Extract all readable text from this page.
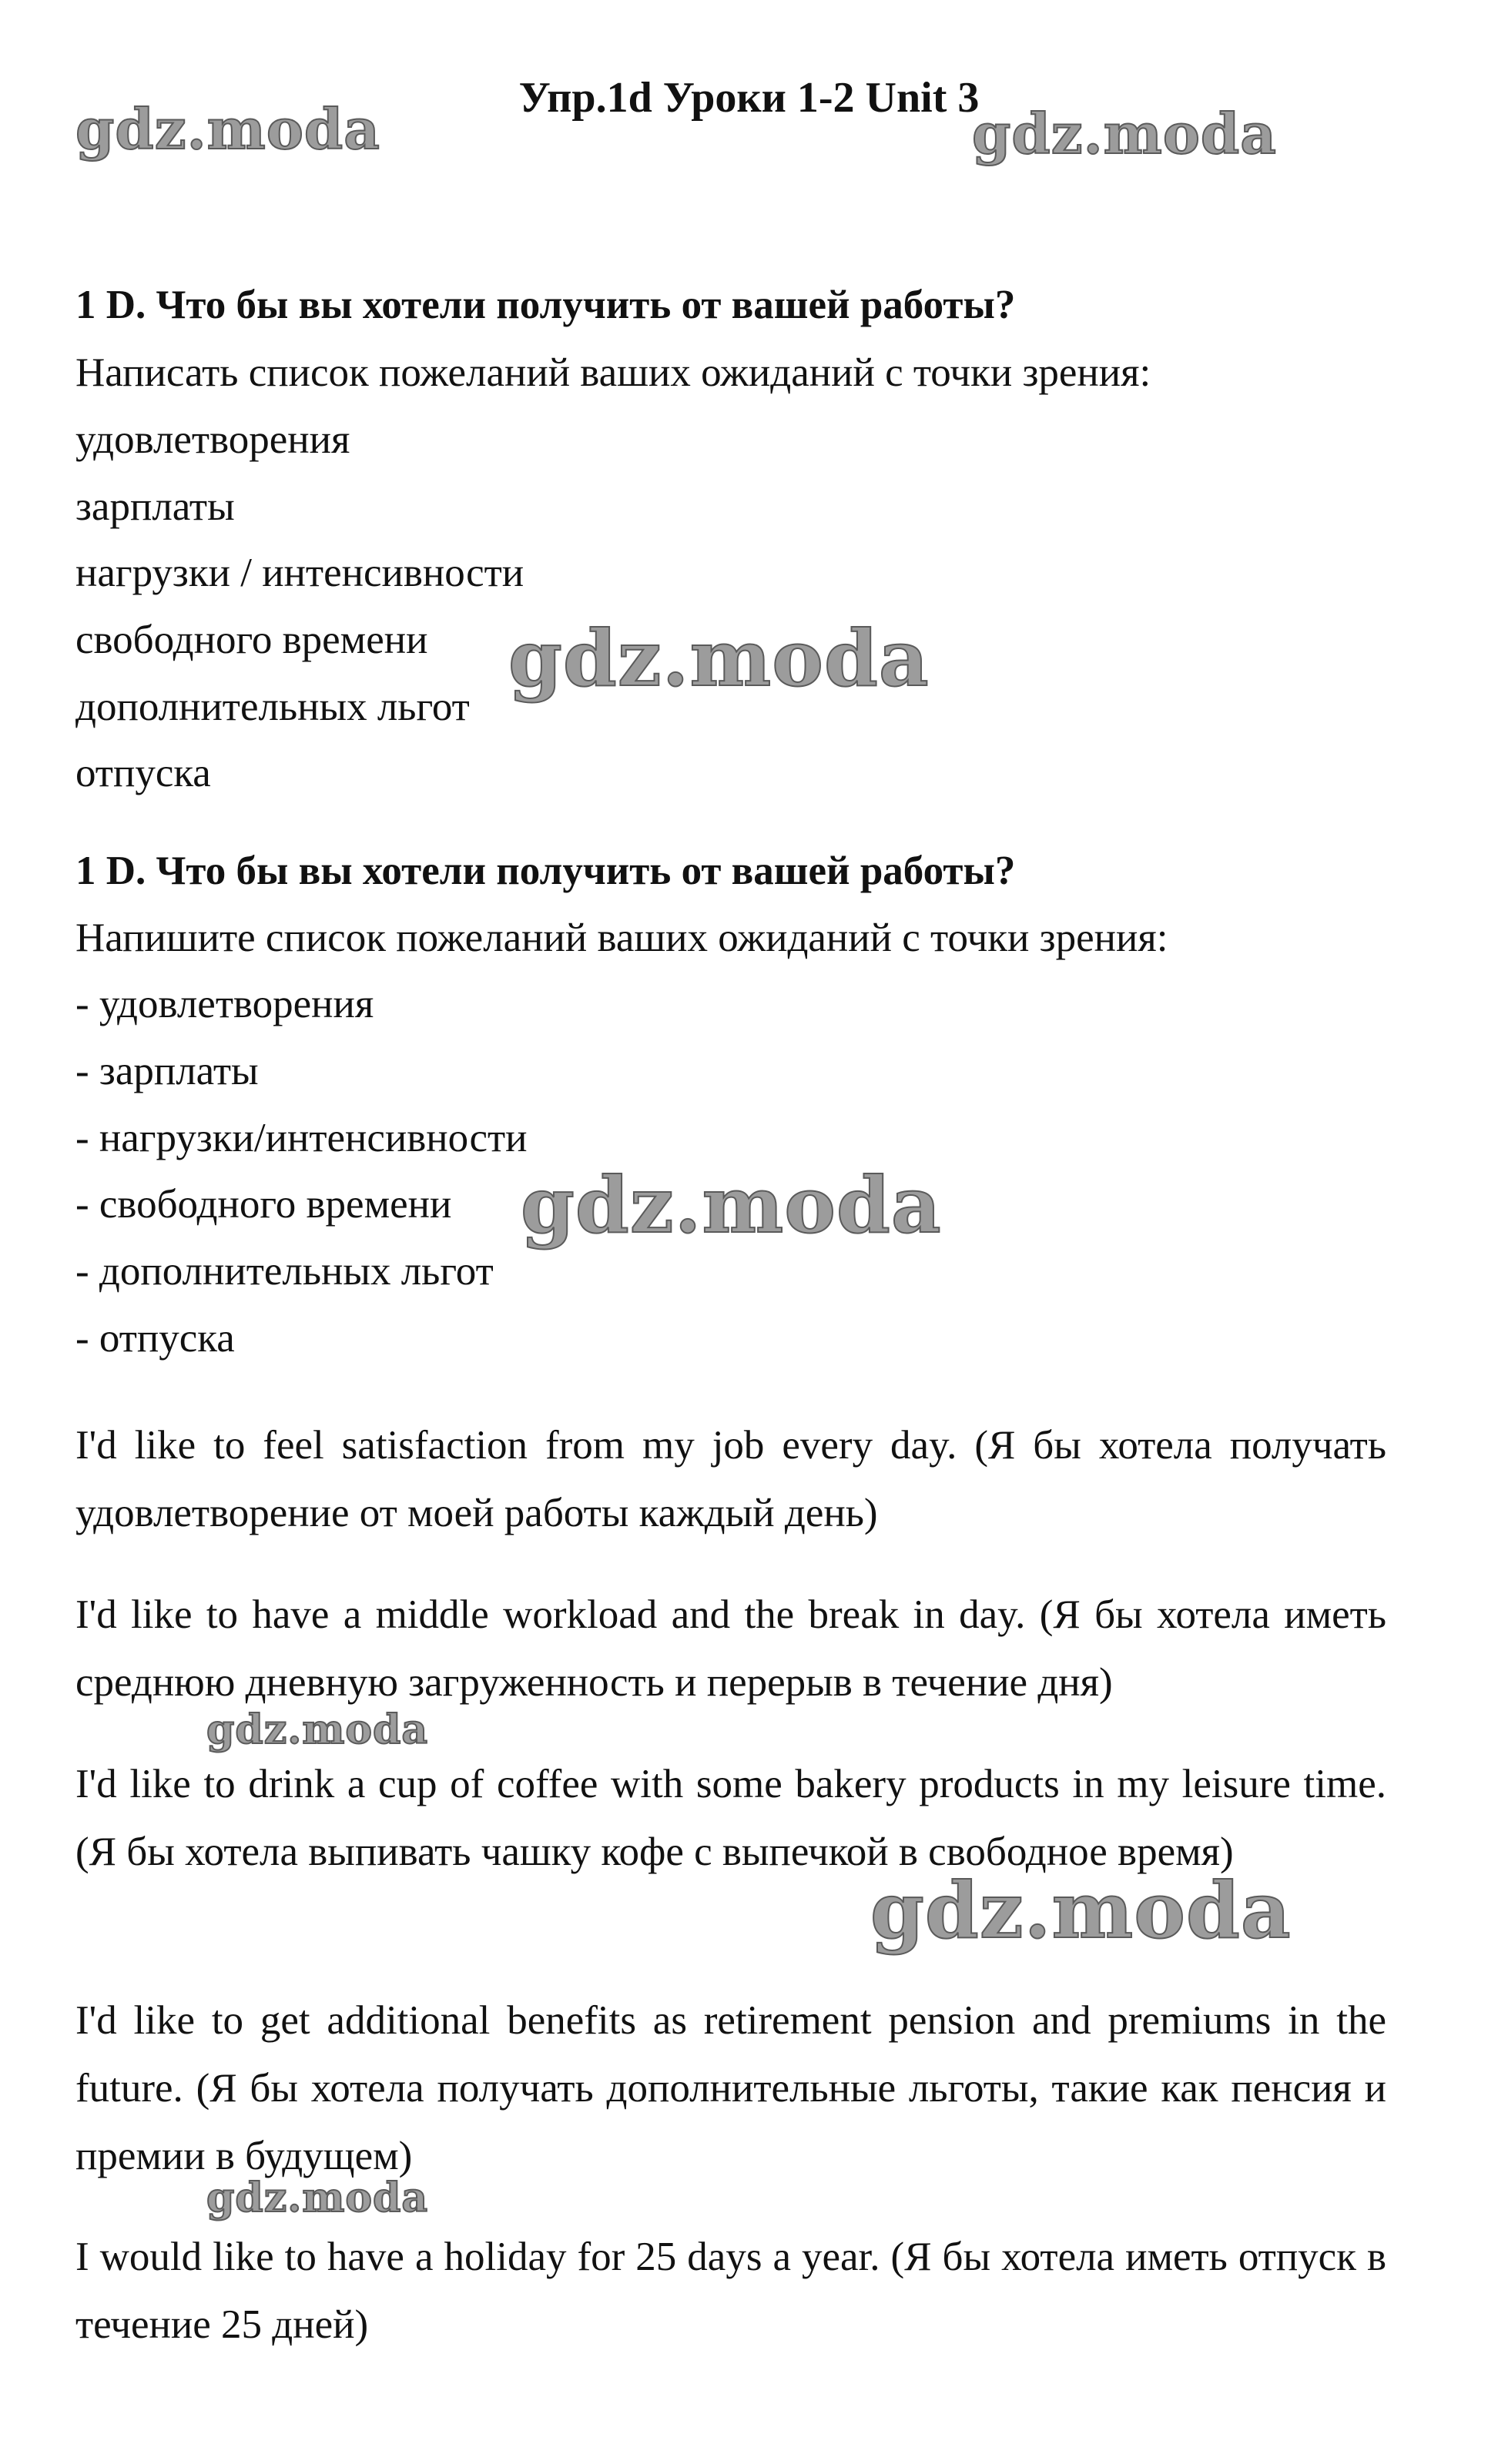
Упр.1d Уроки 1-2 Unit 3
1 D. Что бы вы хотели получить от вашей работы?
Написать список пожеланий ваших ожиданий с точки зрения:
удовлетворения
зарплаты
нагрузки / интенсивности
свободного времени
дополнительных льгот
отпуска
1 D. Что бы вы хотели получить от вашей работы?
Напишите список пожеланий ваших ожиданий с точки зрения:
- удовлетворения
- зарплаты
- нагрузки/интенсивности
- свободного времени
- дополнительных льгот
- отпуска
I'd like to feel satisfaction from my job every day. (Я бы хотела получать удовлетворение от моей работы каждый день)
I'd like to have a middle workload and the break in day. (Я бы хотела иметь среднюю дневную загруженность и перерыв в течение дня)
I'd like to drink a cup of coffee with some bakery products in my leisure time. (Я бы хотела выпивать чашку кофе с выпечкой в свободное время)
I'd like to get additional benefits as retirement pension and premiums in the future. (Я бы хотела получать дополнительные льготы, такие как пенсия и премии в будущем)
I would like to have a holiday for 25 days a year. (Я бы хотела иметь отпуск в течение 25 дней)
gdz.moda	gdz.moda
gdz.moda
gdz.moda
gdz.moda
gdz.moda
gdz.moda
